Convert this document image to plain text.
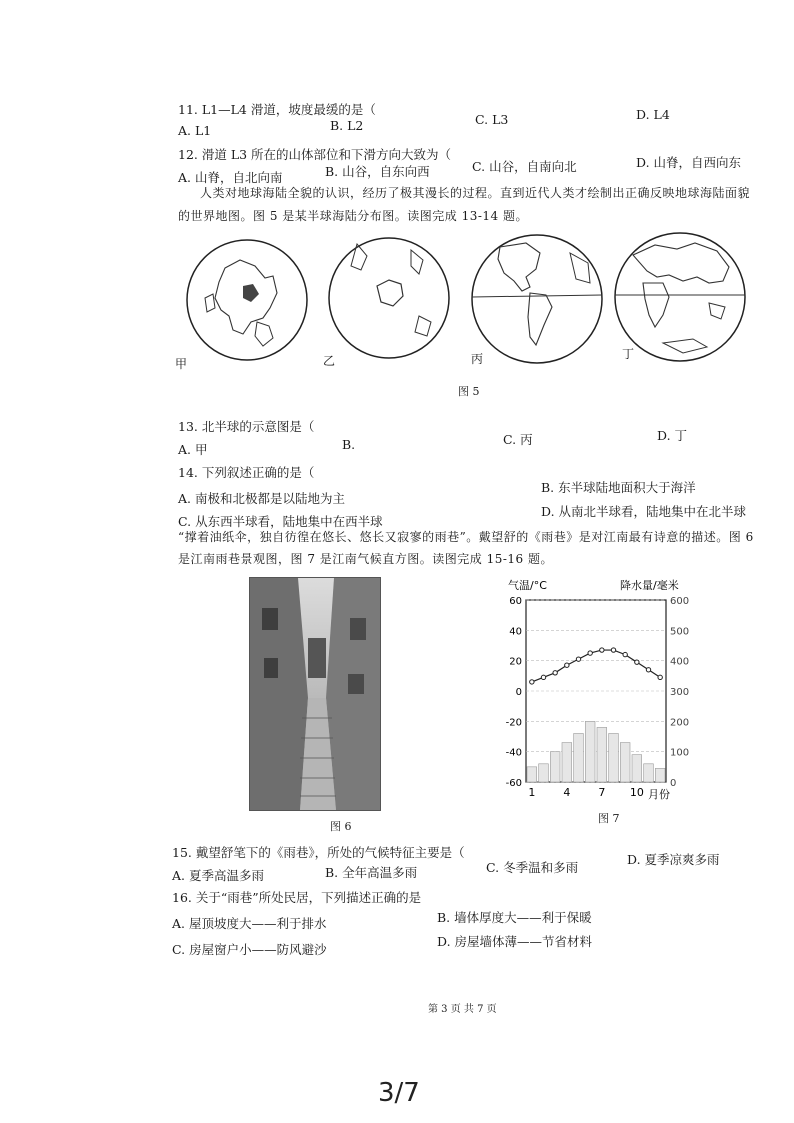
11. L1—L4 滑道，坡度最缓的是（
A. L1	B. L2	C. L3	D. L4
12. 滑道 L3 所在的山体部位和下滑方向大致为（
A. 山脊，自北向南	B. 山谷，自东向西	C. 山谷，自南向北	D. 山脊，自西向东
人类对地球海陆全貌的认识，经历了极其漫长的过程。直到近代人类才绘制出正确反映地球海陆面貌
的世界地图。图 5 是某半球海陆分布图。读图完成 13-14 题。
甲	乙	丙	丁
图 5
13. 北半球的示意图是（
A. 甲	B.	C. 丙	D. 丁
14. 下列叙述正确的是（
A. 南极和北极都是以陆地为主
B. 东半球陆地面积大于海洋
C. 从东西半球看，陆地集中在西半球
D. 从南北半球看，陆地集中在北半球
“撑着油纸伞，独自彷徨在悠长、悠长又寂寥的雨巷”。戴望舒的《雨巷》是对江南最有诗意的描述。图 6
是江南雨巷景观图，图 7 是江南气候直方图。读图完成 15-16 题。
图 6
气温/°C	降水量/毫米
月份
60
40
20
0
-20
-40
-60
600
500
400
300
200
100
0
1	4	7 10
图 7
15. 戴望舒笔下的《雨巷》，所处的气候特征主要是（
A. 夏季高温多雨	B. 全年高温多雨	C. 冬季温和多雨
D. 夏季凉爽多雨
16. 关于“雨巷”所处民居，下列描述正确的是
A. 屋顶坡度大——利于排水	B. 墙体厚度大——利于保暖
C. 房屋窗户小——防风避沙
D. 房屋墙体薄——节省材料
第 3 页 共 7 页
3/7
